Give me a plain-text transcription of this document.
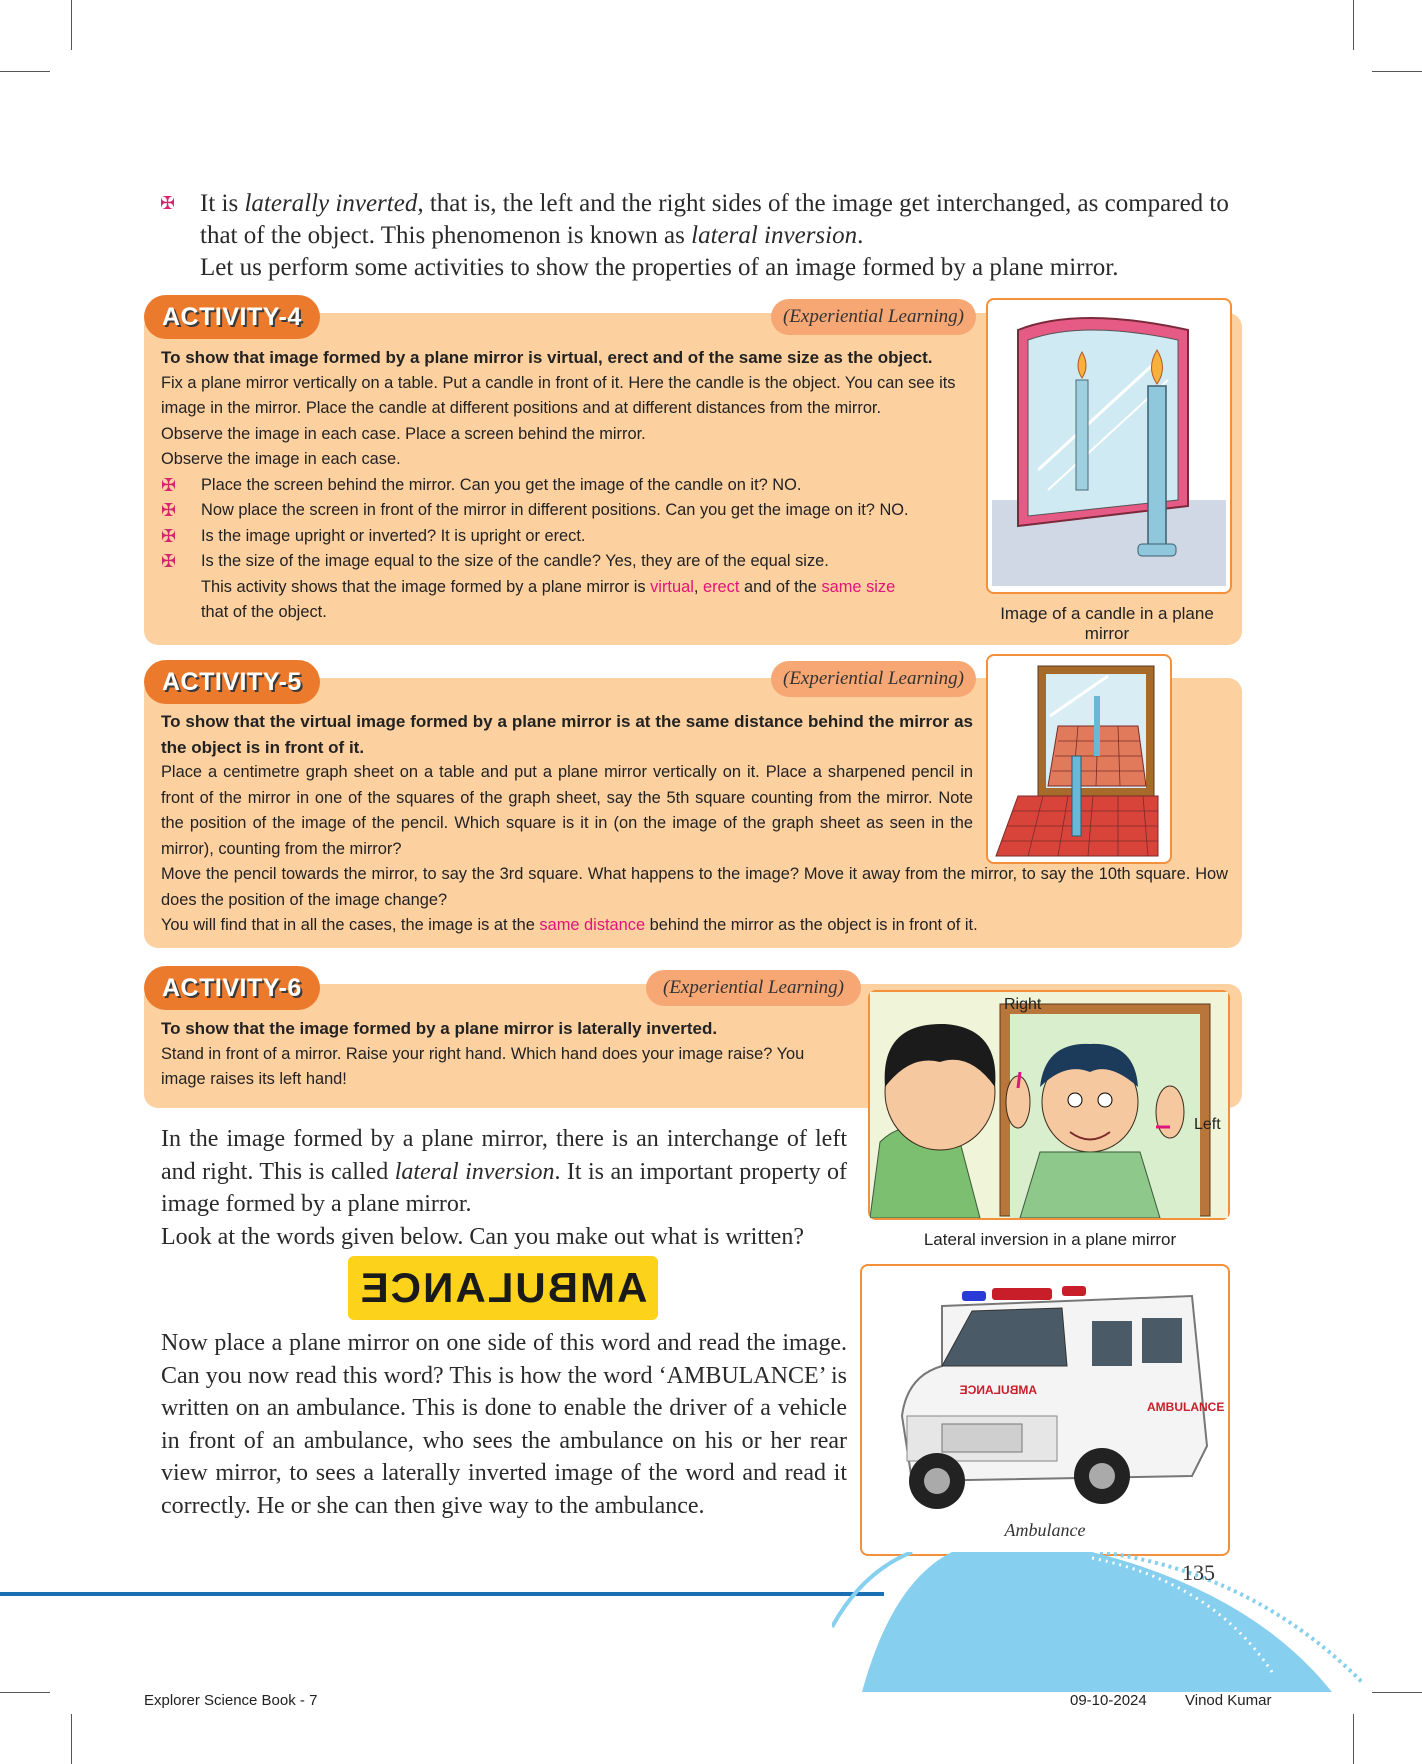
✠ It is laterally inverted, that is, the left and the right sides of the image get interchanged, as compared to that of the object. This phenomenon is known as lateral inversion.

Let us perform some activities to show the properties of an image formed by a plane mirror.

ACTIVITY-4	(Experiential Learning)
To show that image formed by a plane mirror is virtual, erect and of the same size as the object.
Fix a plane mirror vertically on a table. Put a candle in front of it. Here the candle is the object. You can see its image in the mirror. Place the candle at different positions and at different distances from the mirror.
Observe the image in each case. Place a screen behind the mirror.
Observe the image in each case.
✠	Place the screen behind the mirror. Can you get the image of the candle on it? NO.
✠	Now place the screen in front of the mirror in different positions. Can you get the image on it? NO.
✠	Is the image upright or inverted? It is upright or erect.
✠	Is the size of the image equal to the size of the candle? Yes, they are of the equal size.
This activity shows that the image formed by a plane mirror is virtual, erect and of the same size
that of the object.	Image of a candle in a plane mirror
ACTIVITY-5	(Experiential Learning)
To show that the virtual image formed by a plane mirror is at the same distance behind the mirror as the object is in front of it.
Place a centimetre graph sheet on a table and put a plane mirror vertically on it. Place a sharpened pencil in front of the mirror in one of the squares of the graph sheet, say the 5th square counting from the mirror. Note the position of the image of the pencil. Which square is it in (on the image of the graph sheet as seen in the mirror), counting from the mirror?
Move the pencil towards the mirror, to say the 3rd square. What happens to the image? Move it away from the mirror, to say the 10th square. How does the position of the image change?
You will find that in all the cases, the image is at the same distance behind the mirror as the object is in front of it.
ACTIVITY-6	(Experiential Learning)
To show that the image formed by a plane mirror is laterally inverted.
Stand in front of a mirror. Raise your right hand. Which hand does your image raise? You image raises its left hand!
Right
Left
Lateral inversion in a plane mirror

In the image formed by a plane mirror, there is an interchange of left and right. This is called lateral inversion. It is an important property of image formed by a plane mirror.

Look at the words given below. Can you make out what is written?

AMBULANCE

Now place a plane mirror on one side of this word and read the image. Can you now read this word? This is how the word ‘AMBULANCE’ is written on an ambulance. This is done to enable the driver of a vehicle in front of an ambulance, who sees the ambulance on his or her rear view mirror, to sees a laterally inverted image of the word and read it correctly. He or she can then give way to the ambulance.

AMBULANCE
AMBULANCE
Ambulance
135
Explorer Science Book - 7	09-10-2024	Vinod Kumar
